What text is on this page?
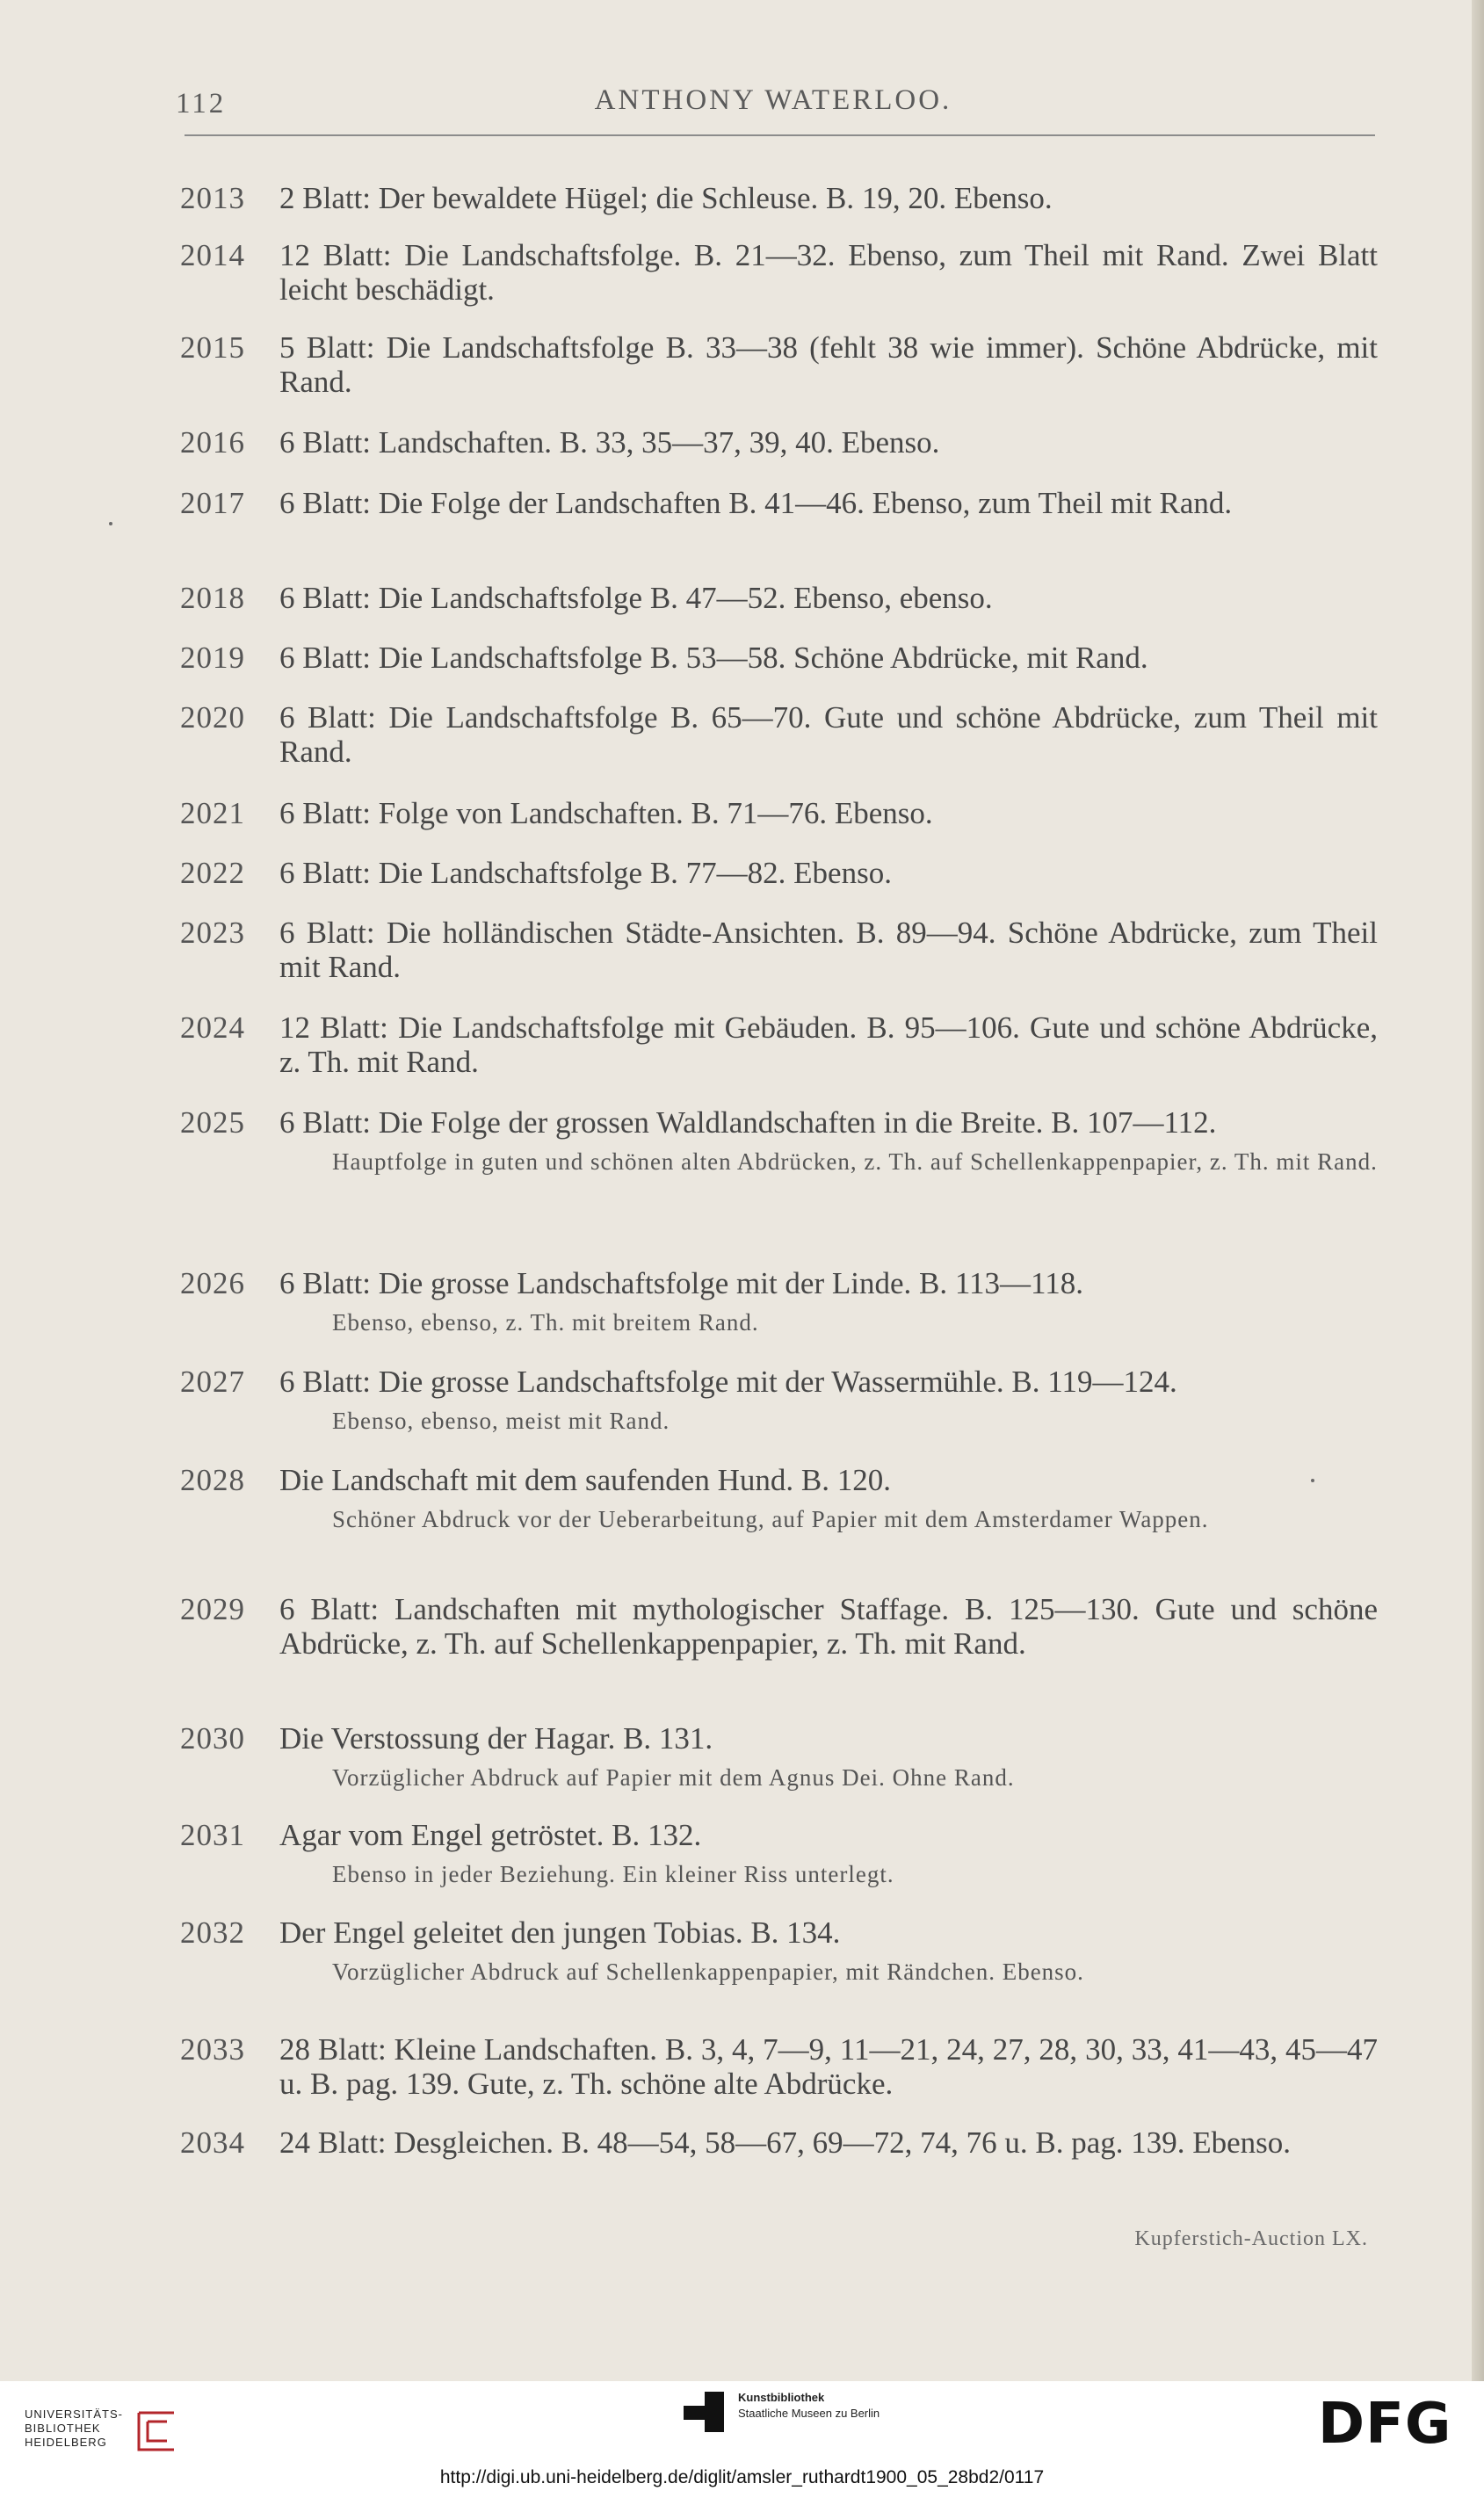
112	ANTHONY WATERLOO.
2013	2 Blatt: Der bewaldete Hügel; die Schleuse. B. 19, 20. Ebenso.
2014	12 Blatt: Die Landschaftsfolge. B. 21—32. Ebenso, zum Theil mit Rand. Zwei Blatt leicht beschädigt.
2015	5 Blatt: Die Landschaftsfolge B. 33—38 (fehlt 38 wie immer). Schöne Abdrücke, mit Rand.
2016	6 Blatt: Landschaften. B. 33, 35—37, 39, 40. Ebenso.
2017	6 Blatt: Die Folge der Landschaften B. 41—46. Ebenso, zum Theil mit Rand.
2018	6 Blatt: Die Landschaftsfolge B. 47—52. Ebenso, ebenso.
2019	6 Blatt: Die Landschaftsfolge B. 53—58. Schöne Abdrücke, mit Rand.
2020	6 Blatt: Die Landschaftsfolge B. 65—70. Gute und schöne Abdrücke, zum Theil mit Rand.
2021	6 Blatt: Folge von Landschaften. B. 71—76. Ebenso.
2022	6 Blatt: Die Landschaftsfolge B. 77—82. Ebenso.
2023	6 Blatt: Die holländischen Städte-Ansichten. B. 89—94. Schöne Abdrücke, zum Theil mit Rand.
2024	12 Blatt: Die Landschaftsfolge mit Gebäuden. B. 95—106. Gute und schöne Abdrücke, z. Th. mit Rand.
2025	6 Blatt: Die Folge der grossen Waldlandschaften in die Breite. B. 107—112.
Hauptfolge in guten und schönen alten Abdrücken, z. Th. auf Schellenkappenpapier, z. Th. mit Rand.
2026	6 Blatt: Die grosse Landschaftsfolge mit der Linde. B. 113—118.
Ebenso, ebenso, z. Th. mit breitem Rand.
2027	6 Blatt: Die grosse Landschaftsfolge mit der Wassermühle. B. 119—124.
Ebenso, ebenso, meist mit Rand.
2028	Die Landschaft mit dem saufenden Hund. B. 120.
Schöner Abdruck vor der Ueberarbeitung, auf Papier mit dem Amsterdamer Wappen.
2029	6 Blatt: Landschaften mit mythologischer Staffage. B. 125—130. Gute und schöne Abdrücke, z. Th. auf Schellenkappenpapier, z. Th. mit Rand.
2030	Die Verstossung der Hagar. B. 131.
Vorzüglicher Abdruck auf Papier mit dem Agnus Dei. Ohne Rand.
2031	Agar vom Engel getröstet. B. 132.
Ebenso in jeder Beziehung. Ein kleiner Riss unterlegt.
2032	Der Engel geleitet den jungen Tobias. B. 134.
Vorzüglicher Abdruck auf Schellenkappenpapier, mit Rändchen. Ebenso.
2033	28 Blatt: Kleine Landschaften. B. 3, 4, 7—9, 11—21, 24, 27, 28, 30, 33, 41—43, 45—47 u. B. pag. 139. Gute, z. Th. schöne alte Abdrücke.
2034	24 Blatt: Desgleichen. B. 48—54, 58—67, 69—72, 74, 76 u. B. pag. 139. Ebenso.
Kupferstich-Auction LX.
UNIVERSITÄTS-
BIBLIOTHEK
HEIDELBERG
Kunstbibliothek
Staatliche Museen zu Berlin	DFG
http://digi.ub.uni-heidelberg.de/diglit/amsler_ruthardt1900_05_28bd2/0117
